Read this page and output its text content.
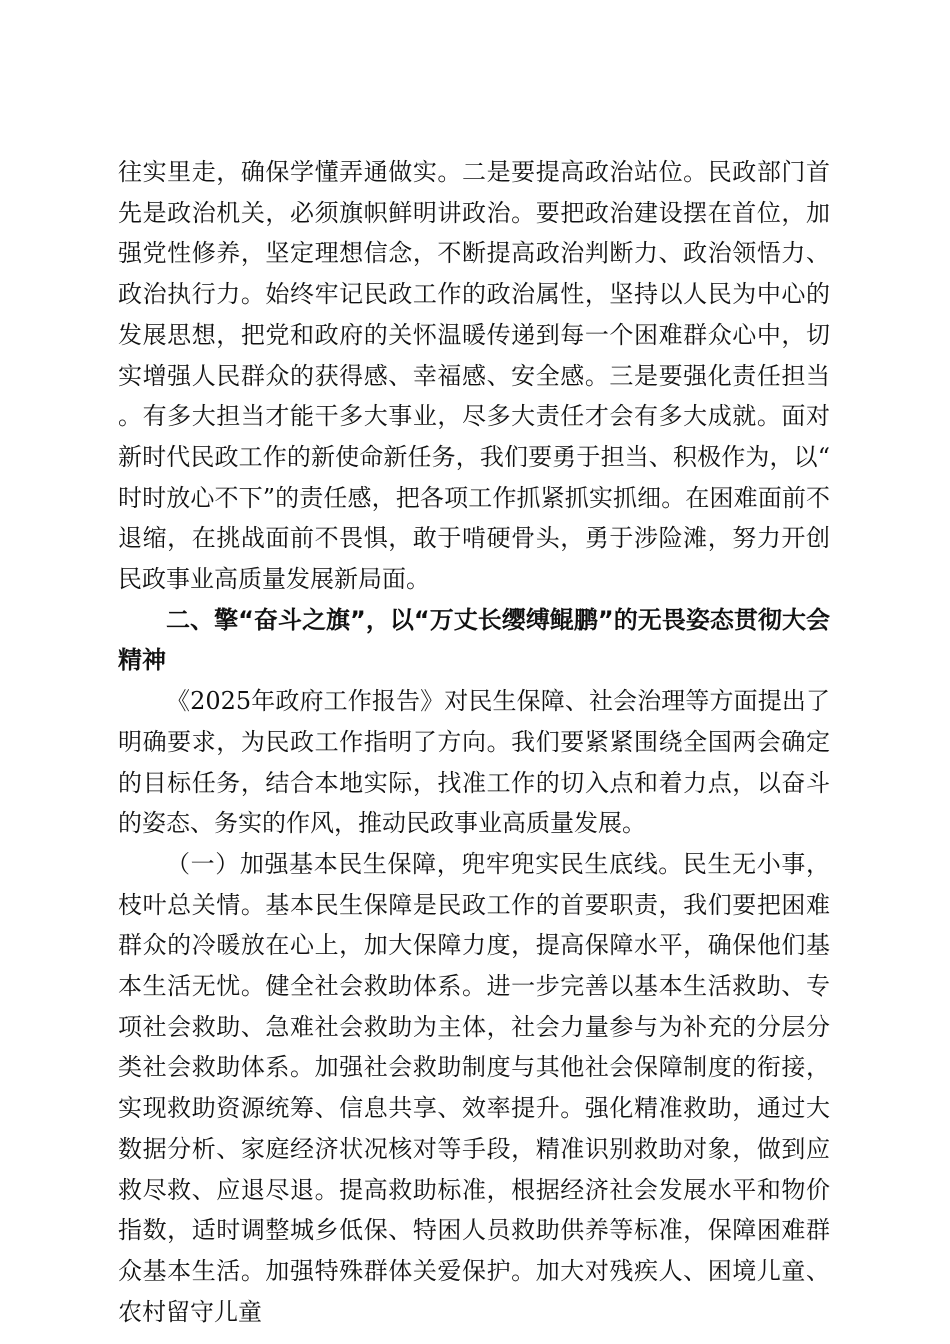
往实里走，确保学懂弄通做实。二是要提高政治站位。民政部门首先是政治机关，必须旗帜鲜明讲政治。要把政治建设摆在首位，加强党性修养，坚定理想信念，不断提高政治判断力、政治领悟力、政治执行力。始终牢记民政工作的政治属性，坚持以人民为中心的发展思想，把党和政府的关怀温暖传递到每一个困难群众心中，切实增强人民群众的获得感、幸福感、安全感。三是要强化责任担当。有多大担当才能干多大事业，尽多大责任才会有多大成就。面对新时代民政工作的新使命新任务，我们要勇于担当、积极作为，以“时时放心不下”的责任感，把各项工作抓紧抓实抓细。在困难面前不退缩，在挑战面前不畏惧，敢于啃硬骨头，勇于涉险滩，努力开创民政事业高质量发展新局面。

二、擎“奋斗之旗”，以“万丈长缨缚鲲鹏”的无畏姿态贯彻大会精神

《2025年政府工作报告》对民生保障、社会治理等方面提出了明确要求，为民政工作指明了方向。我们要紧紧围绕全国两会确定的目标任务，结合本地实际，找准工作的切入点和着力点，以奋斗的姿态、务实的作风，推动民政事业高质量发展。

（一）加强基本民生保障，兜牢兜实民生底线。民生无小事，枝叶总关情。基本民生保障是民政工作的首要职责，我们要把困难群众的冷暖放在心上，加大保障力度，提高保障水平，确保他们基本生活无忧。健全社会救助体系。进一步完善以基本生活救助、专项社会救助、急难社会救助为主体，社会力量参与为补充的分层分类社会救助体系。加强社会救助制度与其他社会保障制度的衔接，实现救助资源统筹、信息共享、效率提升。强化精准救助，通过大数据分析、家庭经济状况核对等手段，精准识别救助对象，做到应救尽救、应退尽退。提高救助标准，根据经济社会发展水平和物价指数，适时调整城乡低保、特困人员救助供养等标准，保障困难群众基本生活。加强特殊群体关爱保护。加大对残疾人、困境儿童、农村留守儿童
